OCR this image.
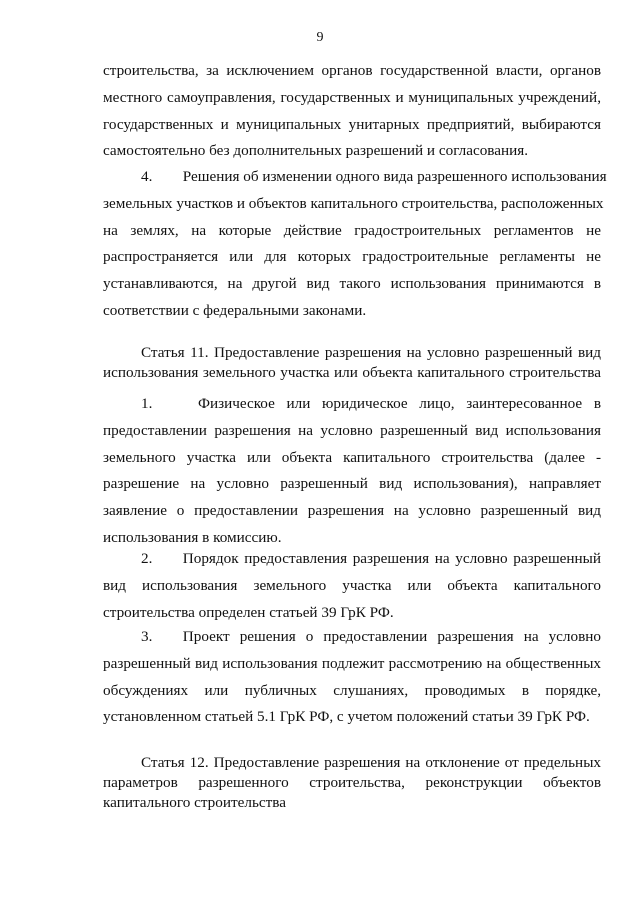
9
строительства, за исключением органов государственной власти, органов
местного самоуправления, государственных и муниципальных учреждений,
государственных и муниципальных унитарных предприятий, выбираются
самостоятельно без дополнительных разрешений и согласования.
4.  Решения об изменении одного вида разрешенного использования
земельных участков и объектов капитального строительства, расположенных
на землях, на которые действие градостроительных регламентов не
распространяется или для которых градостроительные регламенты не
устанавливаются, на другой вид такого использования принимаются в
соответствии с федеральными законами.
Статья 11. Предоставление разрешения на условно разрешенный вид
использования земельного участка или объекта капитального строительства
1.   Физическое или юридическое лицо, заинтересованное в
предоставлении разрешения на условно разрешенный вид использования
земельного участка или объекта капитального строительства (далее -
разрешение на условно разрешенный вид использования), направляет
заявление о предоставлении разрешения на условно разрешенный вид
использования в комиссию.
2.  Порядок предоставления разрешения на условно разрешенный
вид использования земельного участка или объекта капитального
строительства определен статьей 39 ГрК РФ.
3.  Проект решения о предоставлении разрешения на условно
разрешенный вид использования подлежит рассмотрению на общественных
обсуждениях или публичных слушаниях, проводимых в порядке,
установленном статьей 5.1 ГрК РФ, с учетом положений статьи 39 ГрК РФ.
Статья 12. Предоставление разрешения на отклонение от предельных
параметров разрешенного строительства, реконструкции объектов
капитального строительства
